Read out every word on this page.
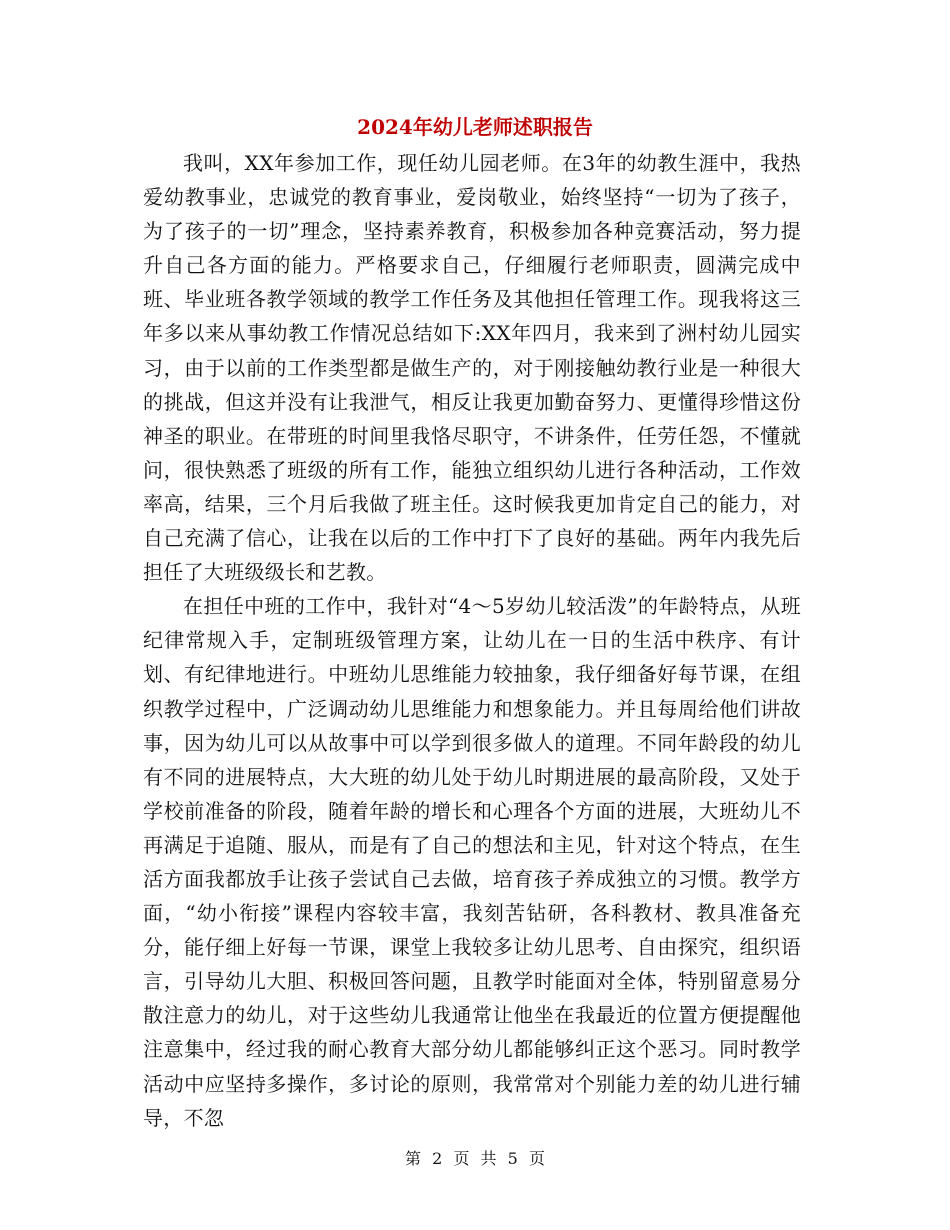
2024年幼儿老师述职报告

我叫，XX年参加工作，现任幼儿园老师。在3年的幼教生涯中，我热爱幼教事业，忠诚党的教育事业，爱岗敬业，始终坚持“一切为了孩子，为了孩子的一切”理念，坚持素养教育，积极参加各种竞赛活动，努力提升自己各方面的能力。严格要求自己，仔细履行老师职责，圆满完成中班、毕业班各教学领域的教学工作任务及其他担任管理工作。现我将这三年多以来从事幼教工作情况总结如下:XX年四月，我来到了洲村幼儿园实习，由于以前的工作类型都是做生产的，对于刚接触幼教行业是一种很大的挑战，但这并没有让我泄气，相反让我更加勤奋努力、更懂得珍惜这份神圣的职业。在带班的时间里我恪尽职守，不讲条件，任劳任怨，不懂就问，很快熟悉了班级的所有工作，能独立组织幼儿进行各种活动，工作效率高，结果，三个月后我做了班主任。这时候我更加肯定自己的能力，对自己充满了信心，让我在以后的工作中打下了良好的基础。两年内我先后担任了大班级级长和艺教。

在担任中班的工作中，我针对“4～5岁幼儿较活泼”的年龄特点，从班纪律常规入手，定制班级管理方案，让幼儿在一日的生活中秩序、有计划、有纪律地进行。中班幼儿思维能力较抽象，我仔细备好每节课，在组织教学过程中，广泛调动幼儿思维能力和想象能力。并且每周给他们讲故事，因为幼儿可以从故事中可以学到很多做人的道理。不同年龄段的幼儿有不同的进展特点，大大班的幼儿处于幼儿时期进展的最高阶段，又处于学校前准备的阶段，随着年龄的增长和心理各个方面的进展，大班幼儿不再满足于追随、服从，而是有了自己的想法和主见，针对这个特点，在生活方面我都放手让孩子尝试自己去做，培育孩子养成独立的习惯。教学方面，“幼小衔接”课程内容较丰富，我刻苦钻研，各科教材、教具准备充分，能仔细上好每一节课，课堂上我较多让幼儿思考、自由探究，组织语言，引导幼儿大胆、积极回答问题，且教学时能面对全体，特别留意易分散注意力的幼儿，对于这些幼儿我通常让他坐在我最近的位置方便提醒他注意集中，经过我的耐心教育大部分幼儿都能够纠正这个恶习。同时教学活动中应坚持多操作，多讨论的原则，我常常对个别能力差的幼儿进行辅导，不忽

第 2 页 共 5 页
